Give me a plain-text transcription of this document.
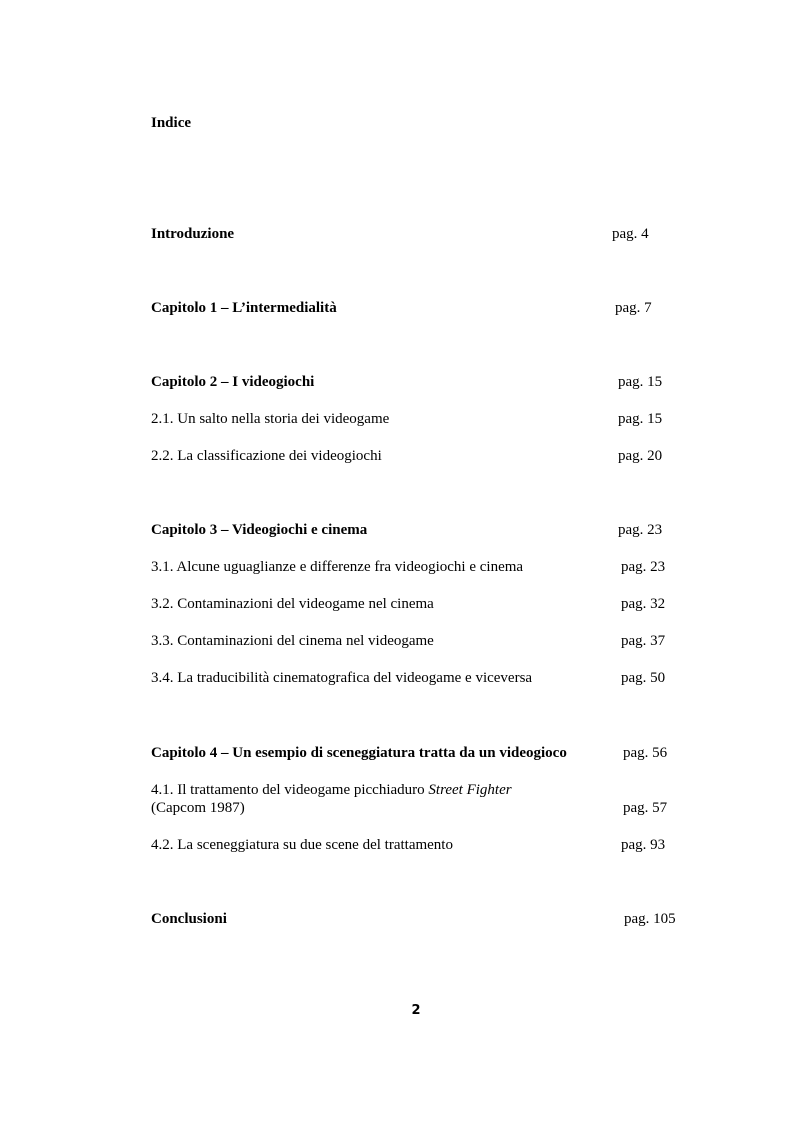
Indice
Introduzione	pag. 4
Capitolo 1 – L’intermedialità	pag. 7
Capitolo 2 – I videogiochi	pag. 15
2.1. Un salto nella storia dei videogame	pag. 15
2.2. La classificazione dei videogiochi	pag. 20
Capitolo 3 – Videogiochi e cinema	pag. 23
3.1. Alcune uguaglianze e differenze fra videogiochi e cinema	pag. 23
3.2. Contaminazioni del videogame nel cinema	pag. 32
3.3. Contaminazioni del cinema nel videogame	pag. 37
3.4. La traducibilità cinematografica del videogame e viceversa	pag. 50
Capitolo 4 – Un esempio di sceneggiatura tratta da un videogioco	pag. 56
4.1. Il trattamento del videogame picchiaduro Street Fighter
(Capcom 1987)	pag. 57
4.2. La sceneggiatura su due scene del trattamento	pag. 93
Conclusioni	pag. 105
2
